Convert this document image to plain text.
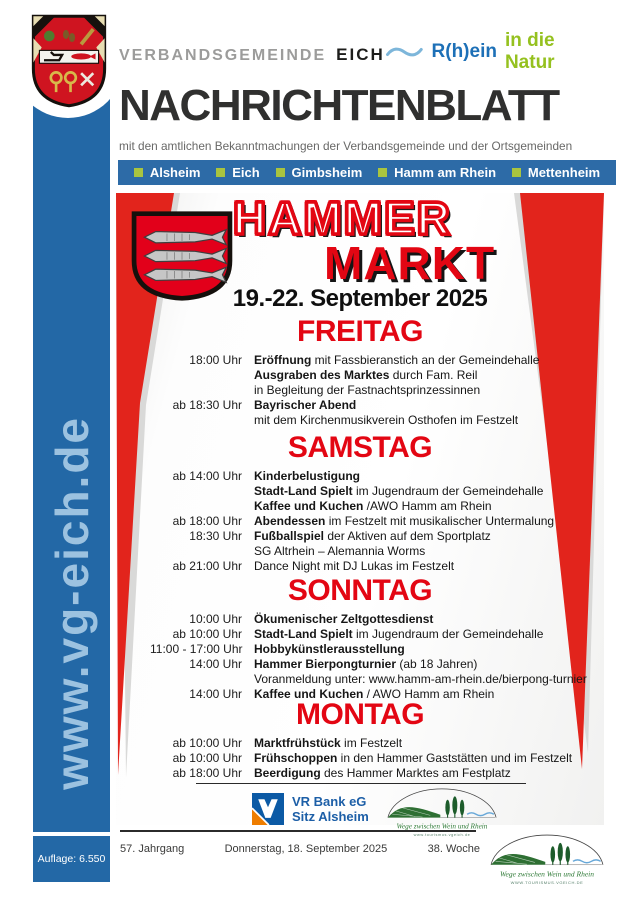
www.vg-eich.de
Auflage: 6.550
VERBANDSGEMEINDE EICH R(h)ein
in die Natur
NACHRICHTENBLATT
mit den amtlichen Bekanntmachungen der Verbandsgemeinde und der Ortsgemeinden
Alsheim Eich Gimbsheim Hamm am Rhein Mettenheim
HAMMER
MARKT
19.-22. September 2025
FREITAG
18:00 Uhr Eröffnung mit Fassbieranstich an der Gemeindehalle
Ausgraben des Marktes durch Fam. Reil
in Begleitung der Fastnachtsprinzessinnen
ab 18:30 Uhr Bayrischer Abend
mit dem Kirchenmusikverein Osthofen im Festzelt
SAMSTAG
ab 14:00 Uhr Kinderbelustigung
Stadt-Land Spielt im Jugendraum der Gemeindehalle
Kaffee und Kuchen /AWO Hamm am Rhein
ab 18:00 Uhr Abendessen im Festzelt mit musikalischer Untermalung
18:30 Uhr Fußballspiel der Aktiven auf dem Sportplatz
SG Altrhein – Alemannia Worms
ab 21:00 Uhr Dance Night mit DJ Lukas im Festzelt
SONNTAG
10:00 Uhr Ökumenischer Zeltgottesdienst
ab 10:00 Uhr Stadt-Land Spielt im Jugendraum der Gemeindehalle
11:00 - 17:00 Uhr Hobbykünstlerausstellung
14:00 Uhr Hammer Bierpongturnier (ab 18 Jahren)
Voranmeldung unter: www.hamm-am-rhein.de/bierpong-turnier
14:00 Uhr Kaffee und Kuchen / AWO Hamm am Rhein
MONTAG
ab 10:00 Uhr Marktfrühstück im Festzelt
ab 10:00 Uhr Frühschoppen in den Hammer Gaststätten und im Festzelt
ab 18:00 Uhr Beerdigung des Hammer Marktes am Festplatz
VR Bank eG
Sitz Alsheim
Wege zwischen Wein und Rhein
www.tourismus.vgeich.de
57. Jahrgang	Donnerstag, 18. September 2025	38. Woche
Wege zwischen Wein und Rhein
WWW.TOURISMUS.VGEICH.DE
